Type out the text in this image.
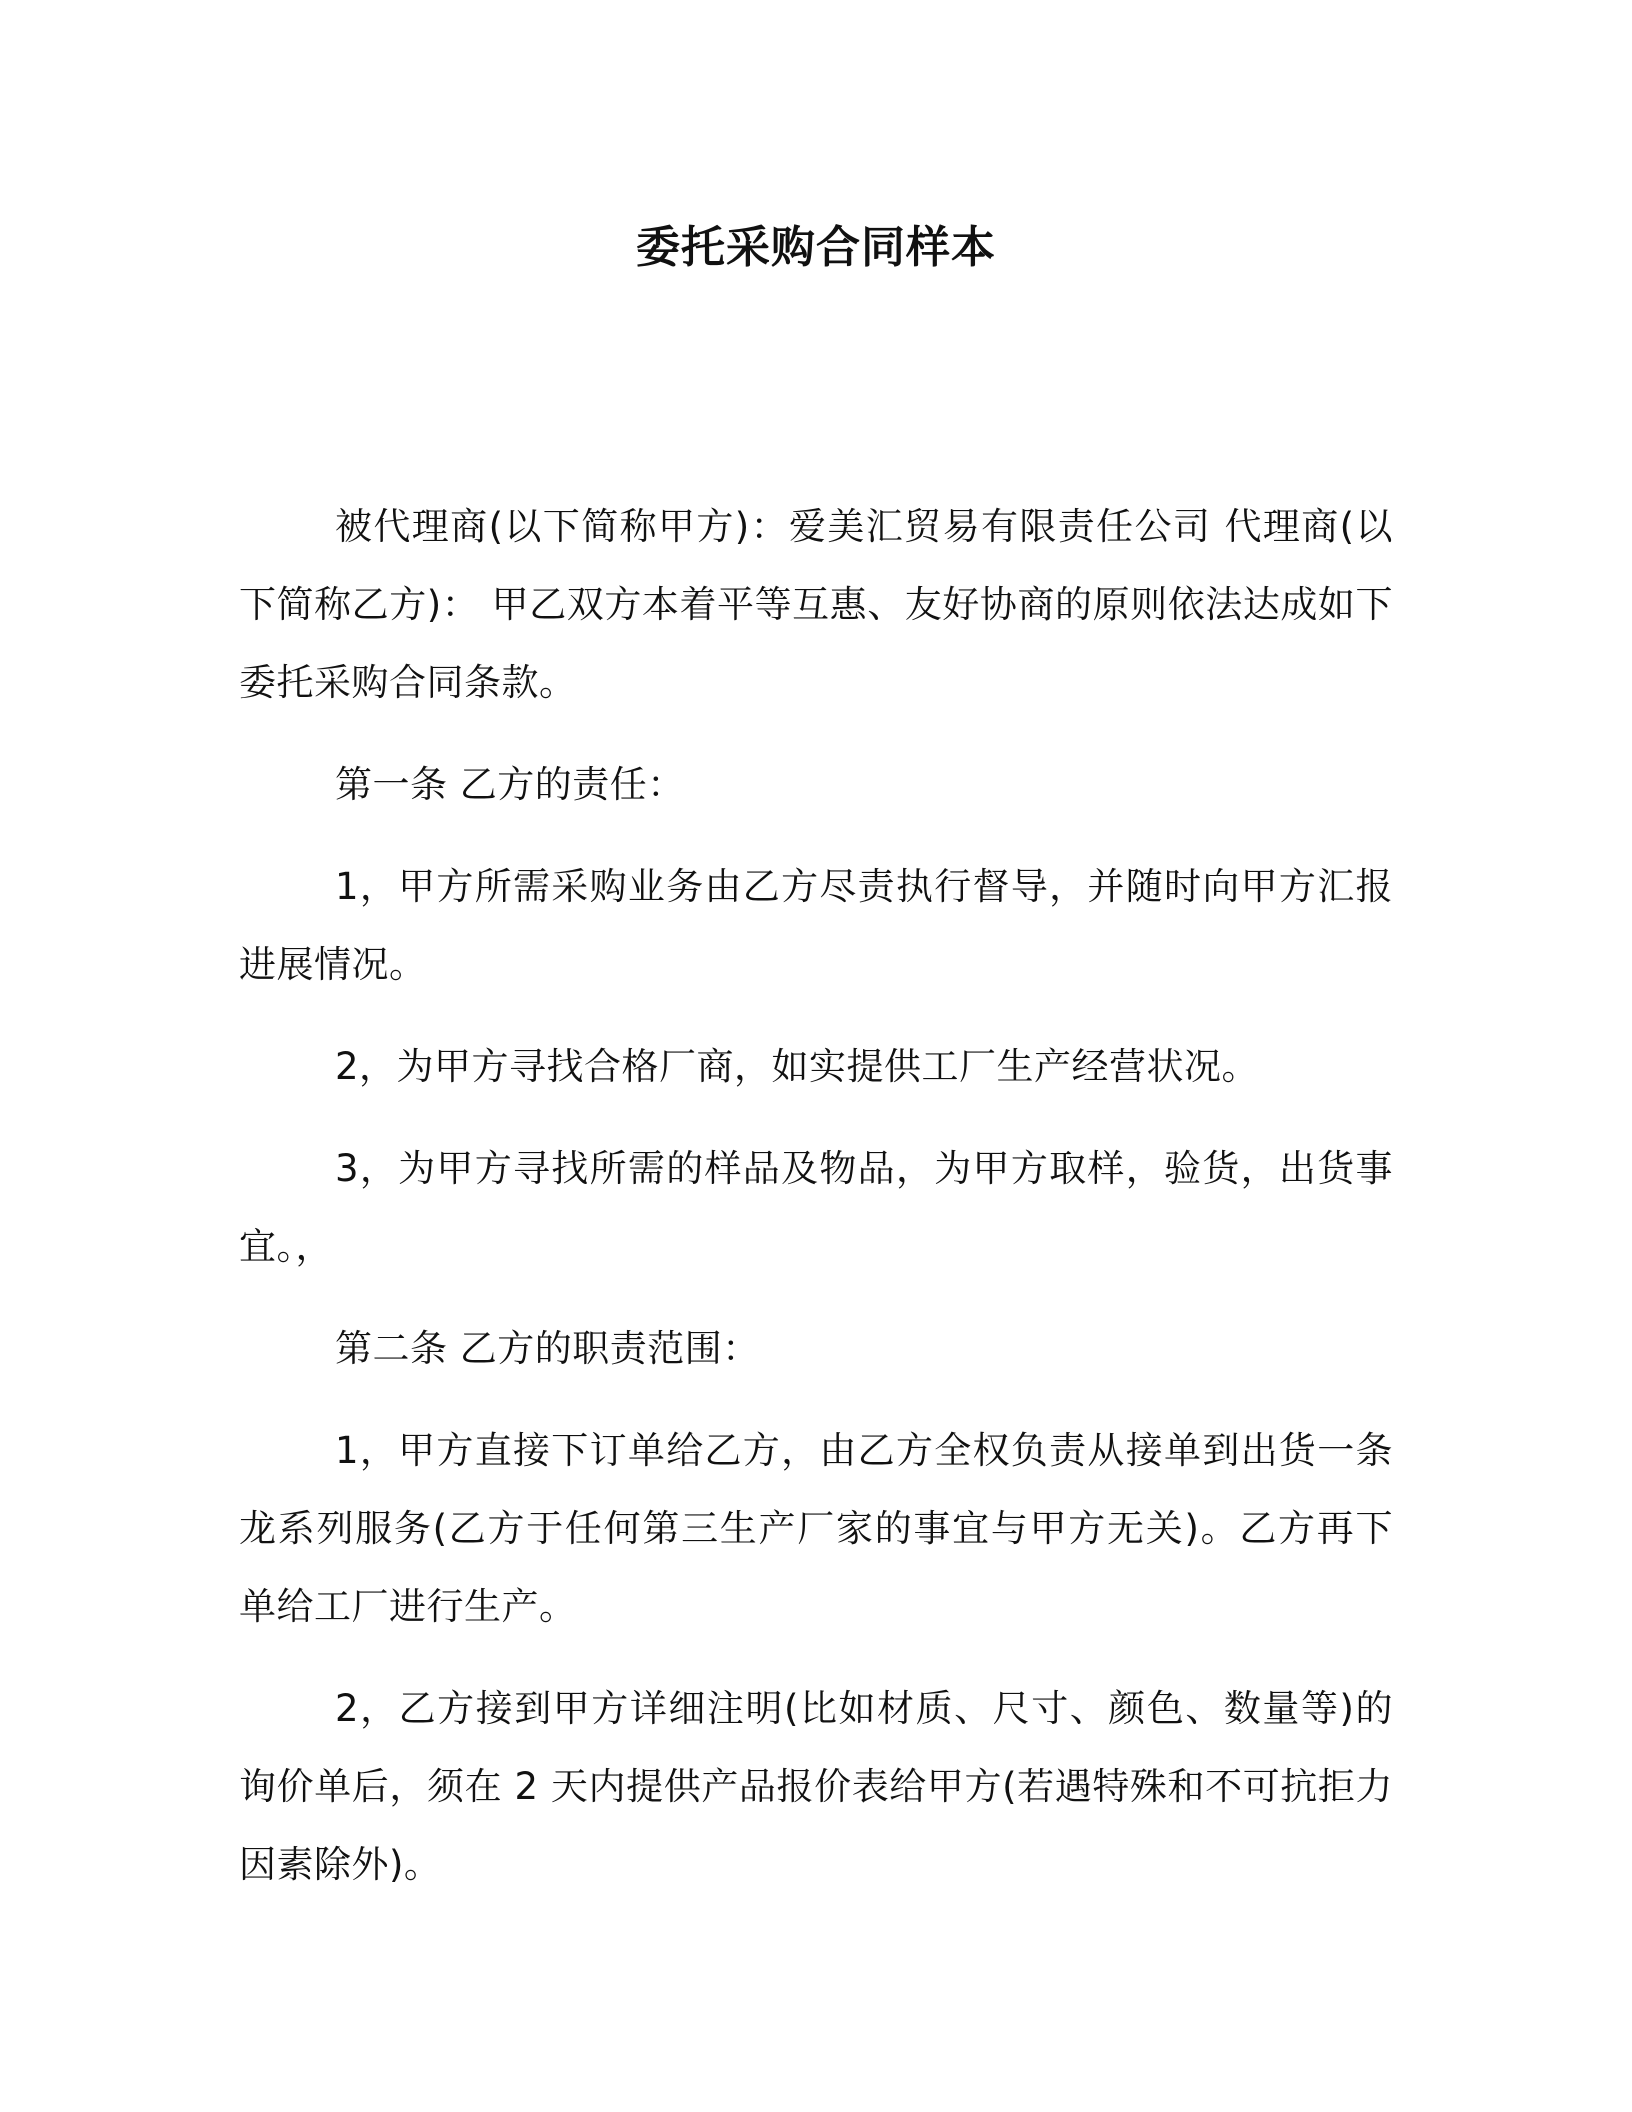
委托采购合同样本

被代理商(以下简称甲方)：爱美汇贸易有限责任公司 代理商(以下简称乙方)： 甲乙双方本着平等互惠、友好协商的原则依法达成如下委托采购合同条款。

第一条 乙方的责任：

1，甲方所需采购业务由乙方尽责执行督导，并随时向甲方汇报进展情况。

2，为甲方寻找合格厂商，如实提供工厂生产经营状况。

3，为甲方寻找所需的样品及物品，为甲方取样，验货，出货事宜。，

第二条 乙方的职责范围：

1，甲方直接下订单给乙方，由乙方全权负责从接单到出货一条龙系列服务(乙方于任何第三生产厂家的事宜与甲方无关)。乙方再下单给工厂进行生产。

2，乙方接到甲方详细注明(比如材质、尺寸、颜色、数量等)的询价单后，须在 2 天内提供产品报价表给甲方(若遇特殊和不可抗拒力因素除外)。
